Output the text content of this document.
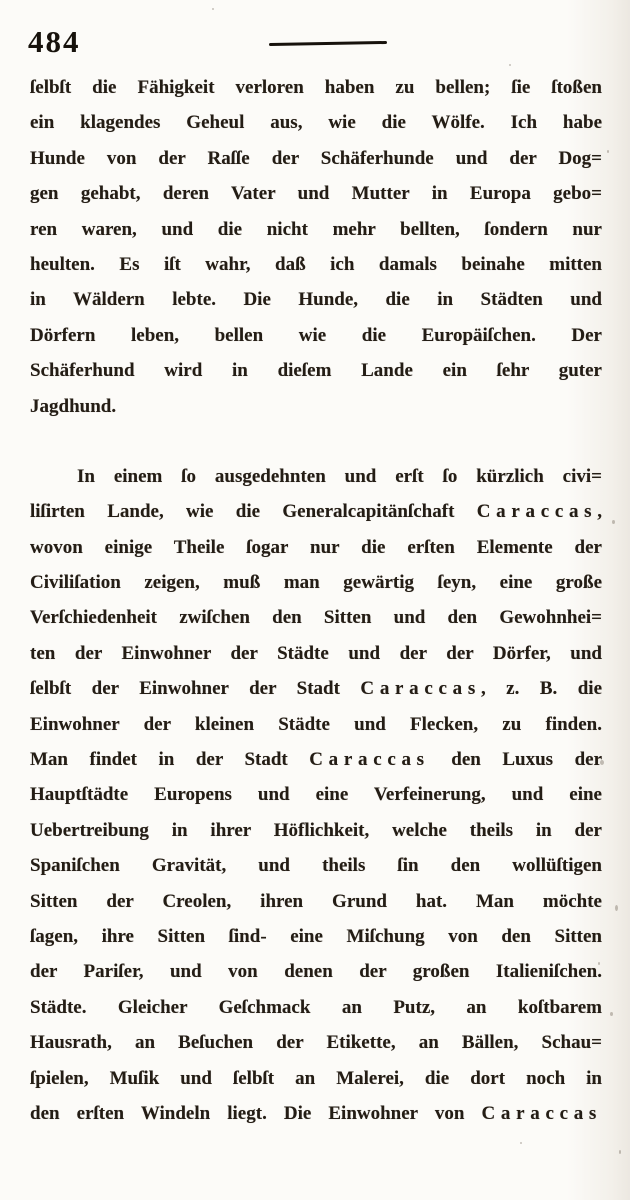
484
ſelbſt die Fähigkeit verloren haben zu bellen; ſie ſtoßen
ein klagendes Geheul aus, wie die Wölfe. Ich habe
Hunde von der Raſſe der Schäferhunde und der Dog=
gen gehabt, deren Vater und Mutter in Europa gebo=
ren waren, und die nicht mehr bellten, ſondern nur
heulten. Es iſt wahr, daß ich damals beinahe mitten
in Wäldern lebte. Die Hunde, die in Städten und
Dörfern leben, bellen wie die Europäiſchen. Der
Schäferhund wird in dieſem Lande ein ſehr guter
Jagdhund.
In einem ſo ausgedehnten und erſt ſo kürzlich civi=
liſirten Lande, wie die Generalcapitänſchaft Caraccas,
wovon einige Theile ſogar nur die erſten Elemente der
Civiliſation zeigen, muß man gewärtig ſeyn, eine große
Verſchiedenheit zwiſchen den Sitten und den Gewohnhei=
ten der Einwohner der Städte und der der Dörfer, und
ſelbſt der Einwohner der Stadt Caraccas, z. B. die
Einwohner der kleinen Städte und Flecken, zu finden.
Man findet in der Stadt Caraccas den Luxus der
Hauptſtädte Europens und eine Verfeinerung, und eine
Uebertreibung in ihrer Höflichkeit, welche theils in der
Spaniſchen Gravität, und theils ſin den wollüſtigen
Sitten der Creolen, ihren Grund hat. Man möchte
ſagen, ihre Sitten ſind- eine Miſchung von den Sitten
der Pariſer, und von denen der großen Italieniſchen.
Städte. Gleicher Geſchmack an Putz, an koſtbarem
Hausrath, an Beſuchen der Etikette, an Bällen, Schau=
ſpielen, Muſik und ſelbſt an Malerei, die dort noch in
den erſten Windeln liegt. Die Einwohner von Caraccas
